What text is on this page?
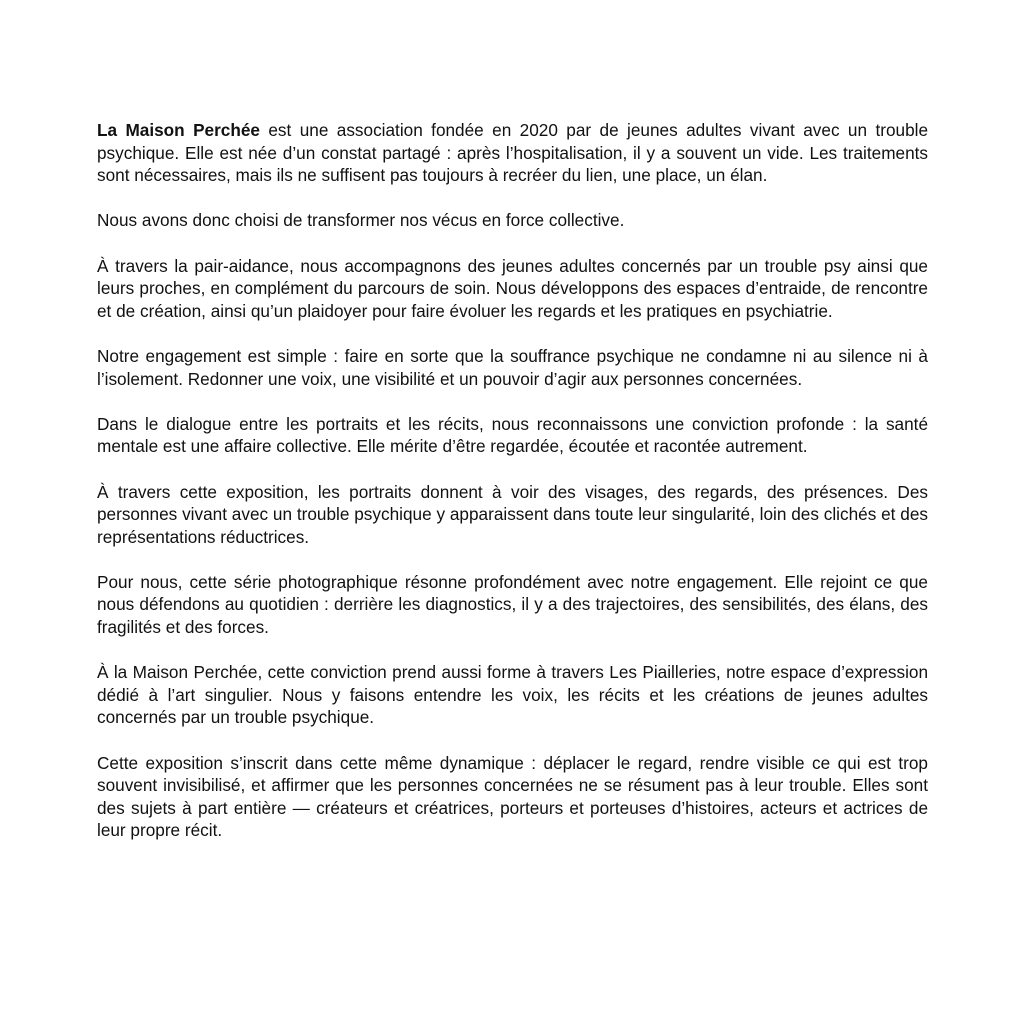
La Maison Perchée est une association fondée en 2020 par de jeunes adultes vivant avec un trouble psychique. Elle est née d’un constat partagé : après l’hospitalisation, il y a souvent un vide. Les traitements sont nécessaires, mais ils ne suffisent pas toujours à recréer du lien, une place, un élan.

Nous avons donc choisi de transformer nos vécus en force collective.

À travers la pair-aidance, nous accompagnons des jeunes adultes concernés par un trouble psy ainsi que leurs proches, en complément du parcours de soin. Nous développons des espaces d’entraide, de rencontre et de création, ainsi qu’un plaidoyer pour faire évoluer les regards et les pratiques en psychiatrie.

Notre engagement est simple : faire en sorte que la souffrance psychique ne condamne ni au silence ni à l’isolement. Redonner une voix, une visibilité et un pouvoir d’agir aux personnes concernées.

Dans le dialogue entre les portraits et les récits, nous reconnaissons une conviction profonde : la santé mentale est une affaire collective. Elle mérite d’être regardée, écoutée et racontée autrement.

À travers cette exposition, les portraits donnent à voir des visages, des regards, des présences. Des personnes vivant avec un trouble psychique y apparaissent dans toute leur singularité, loin des clichés et des représentations réductrices.

Pour nous, cette série photographique résonne profondément avec notre engagement. Elle rejoint ce que nous défendons au quotidien : derrière les diagnostics, il y a des trajectoires, des sensibilités, des élans, des fragilités et des forces.

À la Maison Perchée, cette conviction prend aussi forme à travers Les Piailleries, notre espace d’expression dédié à l’art singulier. Nous y faisons entendre les voix, les récits et les créations de jeunes adultes concernés par un trouble psychique.

Cette exposition s’inscrit dans cette même dynamique : déplacer le regard, rendre visible ce qui est trop souvent invisibilisé, et affirmer que les personnes concernées ne se résument pas à leur trouble. Elles sont des sujets à part entière — créateurs et créatrices, porteurs et porteuses d’histoires, acteurs et actrices de leur propre récit.
